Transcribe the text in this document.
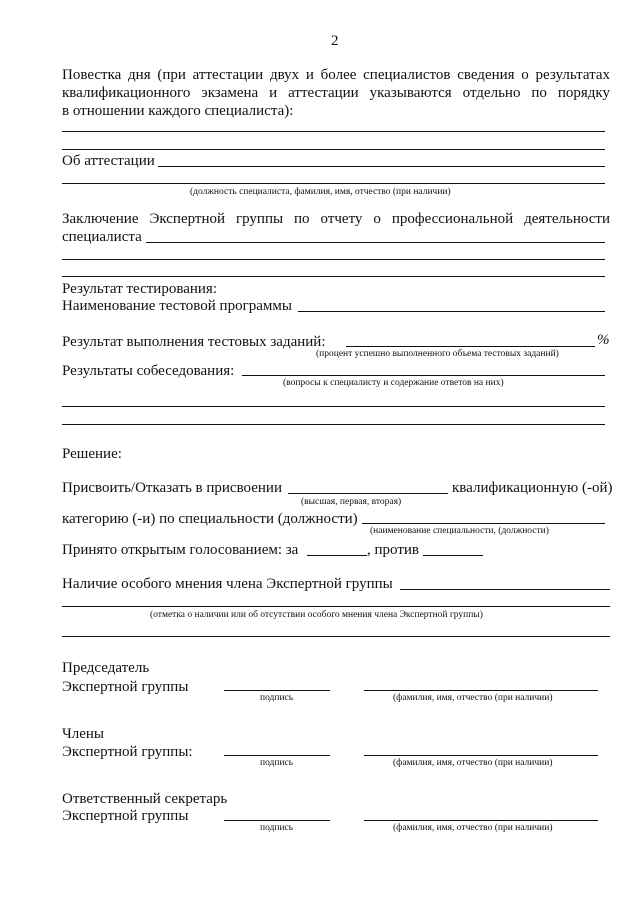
2
Повестка дня (при аттестации двух и более специалистов сведения о результатах
квалификационного экзамена и аттестации указываются отдельно по порядку
в отношении каждого специалиста):
Об аттестации
(должность специалиста, фамилия, имя, отчество (при наличии)
Заключение Экспертной группы по отчету о профессиональной деятельности
специалиста
Результат тестирования:
Наименование тестовой программы
Результат выполнения тестовых заданий:	%
(процент успешно выполненного объема тестовых заданий)
Результаты собеседования:
(вопросы к специалисту и содержание ответов на них)
Решение:
Присвоить/Отказать в присвоении	квалификационную (-ой)
(высшая, первая, вторая)
категорию (-и) по специальности (должности)
(наименование специальности, (должности)
Принято открытым голосованием: за	, против
Наличие особого мнения члена Экспертной группы
(отметка о наличии или об отсутствии особого мнения члена Экспертной группы)
Председатель
Экспертной группы
подпись	(фамилия, имя, отчество (при наличии)
Члены
Экспертной группы:
подпись	(фамилия, имя, отчество (при наличии)
Ответственный секретарь
Экспертной группы
подпись	(фамилия, имя, отчество (при наличии)
